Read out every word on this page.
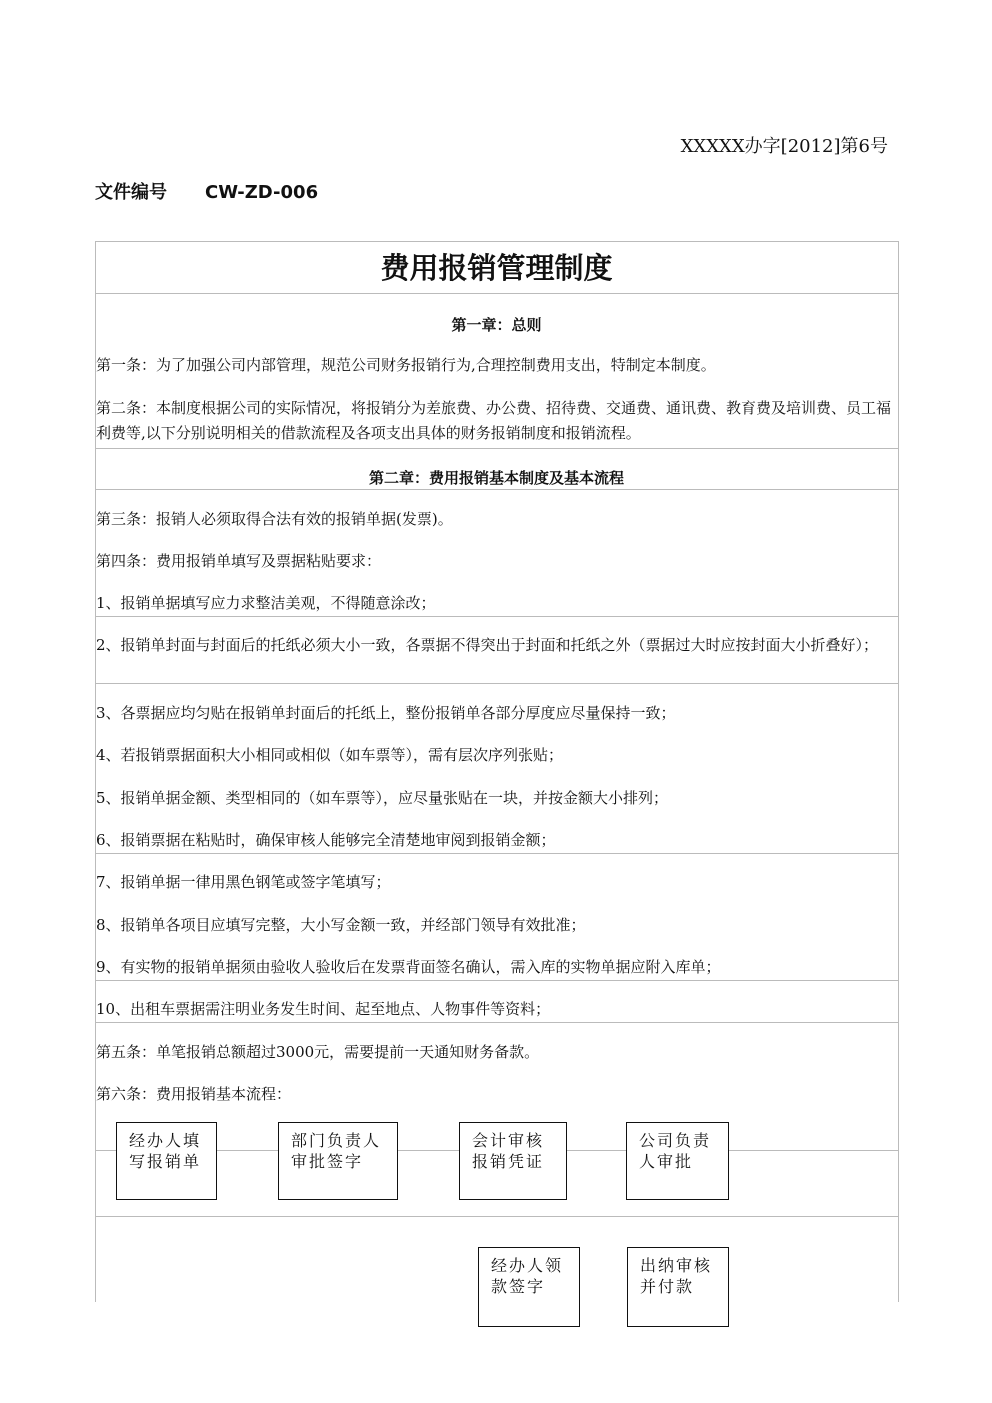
XXXXX办字[2012]第6号
文件编号 CW-ZD-006
费用报销管理制度
第一章：总则
第一条：为了加强公司内部管理，规范公司财务报销行为,合理控制费用支出，特制定本制度。
第二条：本制度根据公司的实际情况，将报销分为差旅费、办公费、招待费、交通费、通讯费、教育费及培训费、员工福利费等,以下分别说明相关的借款流程及各项支出具体的财务报销制度和报销流程。
第二章：费用报销基本制度及基本流程
第三条：报销人必须取得合法有效的报销单据(发票)。
第四条：费用报销单填写及票据粘贴要求：
1、报销单据填写应力求整洁美观，不得随意涂改；
2、报销单封面与封面后的托纸必须大小一致，各票据不得突出于封面和托纸之外（票据过大时应按封面大小折叠好）；
3、各票据应均匀贴在报销单封面后的托纸上，整份报销单各部分厚度应尽量保持一致；
4、若报销票据面积大小相同或相似（如车票等），需有层次序列张贴；
5、报销单据金额、类型相同的（如车票等），应尽量张贴在一块，并按金额大小排列；
6、报销票据在粘贴时，确保审核人能够完全清楚地审阅到报销金额；
7、报销单据一律用黑色钢笔或签字笔填写；
8、报销单各项目应填写完整，大小写金额一致，并经部门领导有效批准；
9、有实物的报销单据须由验收人验收后在发票背面签名确认，需入库的实物单据应附入库单；
10、出租车票据需注明业务发生时间、起至地点、人物事件等资料；
第五条：单笔报销总额超过3000元，需要提前一天通知财务备款。
第六条：费用报销基本流程：
经办人填写报销单
部门负责人审批签字
会计审核报销凭证
公司负责人审批
经办人领款签字
出纳审核并付款
